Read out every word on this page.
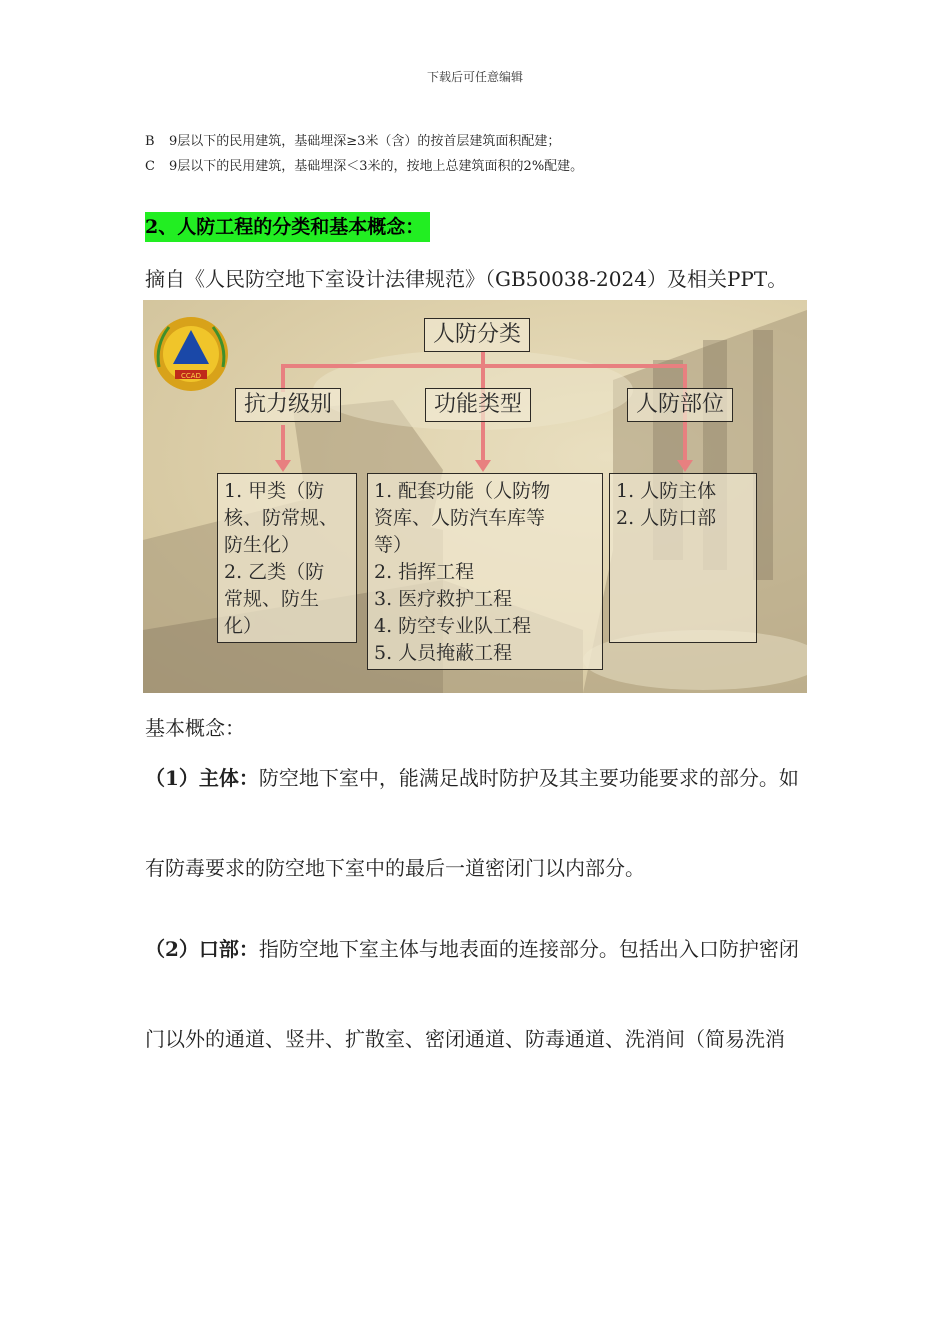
下载后可任意编辑
B 9层以下的民用建筑，基础埋深≥3米（含）的按首层建筑面积配建；
C 9层以下的民用建筑，基础埋深＜3米的，按地上总建筑面积的2%配建。
2、人防工程的分类和基本概念：
摘自《人民防空地下室设计法律规范》（GB50038-2024）及相关PPT。
CCAD
人防分类
抗力级别	功能类型	人防部位
1. 甲类（防
核、防常规、
防生化）
2. 乙类（防
常规、防生
化）
1. 配套功能（人防物
资库、人防汽车库等
等）
2. 指挥工程
3. 医疗救护工程
4. 防空专业队工程
5. 人员掩蔽工程
1. 人防主体
2. 人防口部
基本概念：
（1）主体：防空地下室中，能满足战时防护及其主要功能要求的部分。如
有防毒要求的防空地下室中的最后一道密闭门以内部分。
（2）口部：指防空地下室主体与地表面的连接部分。包括出入口防护密闭
门以外的通道、竖井、扩散室、密闭通道、防毒通道、洗消间（简易洗消
